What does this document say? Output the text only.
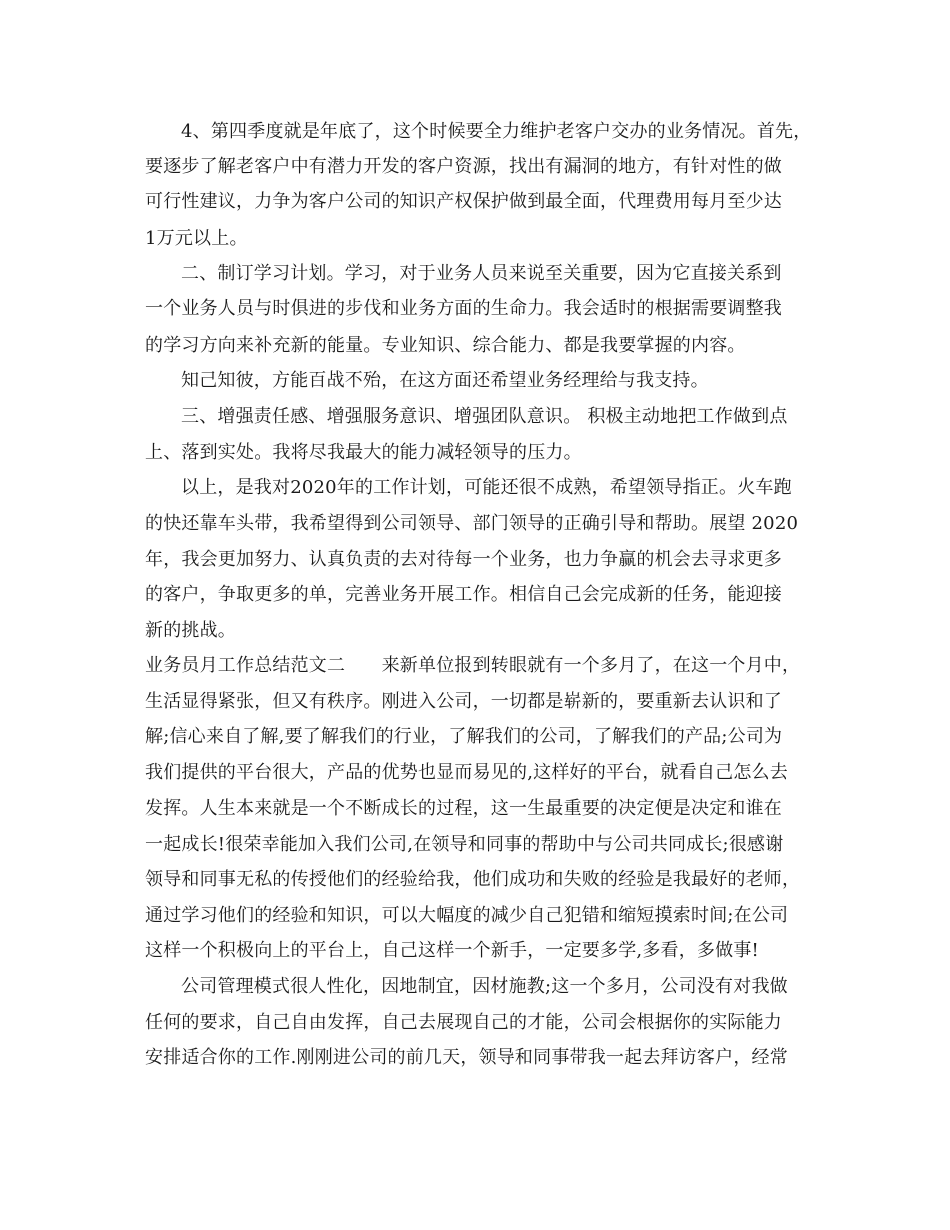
4、第四季度就是年底了，这个时候要全力维护老客户交办的业务情况。首先，
要逐步了解老客户中有潜力开发的客户资源，找出有漏洞的地方，有针对性的做
可行性建议，力争为客户公司的知识产权保护做到最全面，代理费用每月至少达
1万元以上。
二、制订学习计划。学习，对于业务人员来说至关重要，因为它直接关系到
一个业务人员与时俱进的步伐和业务方面的生命力。我会适时的根据需要调整我
的学习方向来补充新的能量。专业知识、综合能力、都是我要掌握的内容。
知己知彼，方能百战不殆，在这方面还希望业务经理给与我支持。
三、增强责任感、增强服务意识、增强团队意识。 积极主动地把工作做到点
上、落到实处。我将尽我最大的能力减轻领导的压力。
以上，是我对2020年的工作计划，可能还很不成熟，希望领导指正。火车跑
的快还靠车头带，我希望得到公司领导、部门领导的正确引导和帮助。展望 2020
年，我会更加努力、认真负责的去对待每一个业务，也力争赢的机会去寻求更多
的客户，争取更多的单，完善业务开展工作。相信自己会完成新的任务，能迎接
新的挑战。
业务员月工作总结范文二　　来新单位报到转眼就有一个多月了，在这一个月中，
生活显得紧张，但又有秩序。刚进入公司，一切都是崭新的，要重新去认识和了
解;信心来自了解,要了解我们的行业，了解我们的公司，了解我们的产品;公司为
我们提供的平台很大，产品的优势也显而易见的,这样好的平台，就看自己怎么去
发挥。人生本来就是一个不断成长的过程，这一生最重要的决定便是决定和谁在
一起成长!很荣幸能加入我们公司,在领导和同事的帮助中与公司共同成长;很感谢
领导和同事无私的传授他们的经验给我，他们成功和失败的经验是我最好的老师，
通过学习他们的经验和知识，可以大幅度的减少自己犯错和缩短摸索时间;在公司
这样一个积极向上的平台上，自己这样一个新手，一定要多学,多看，多做事!
公司管理模式很人性化，因地制宜，因材施教;这一个多月，公司没有对我做
任何的要求，自己自由发挥，自己去展现自己的才能，公司会根据你的实际能力
安排适合你的工作.刚刚进公司的前几天，领导和同事带我一起去拜访客户，经常
